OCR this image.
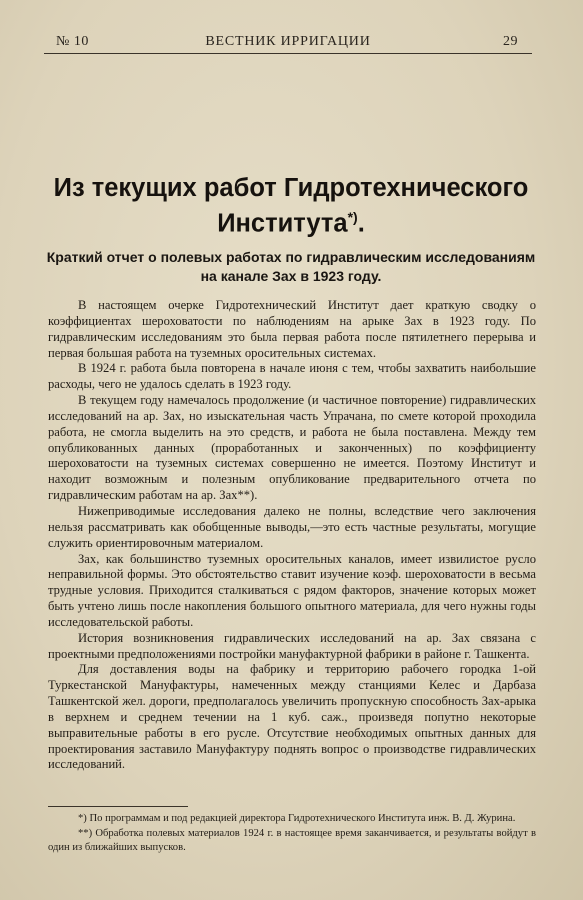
№ 10	ВЕСТНИК ИРРИГАЦИИ	29
Из текущих работ Гидротехнического Института*).
Краткий отчет о полевых работах по гидравлическим исследованиям на канале Зах в 1923 году.

В настоящем очерке Гидротехнический Институт дает краткую сводку о коэффициентах шероховатости по наблюдениям на арыке Зах в 1923 году. По гидравлическим исследованиям это была первая работа после пятилетнего перерыва и первая большая работа на туземных оросительных системах.

В 1924 г. работа была повторена в начале июня с тем, чтобы захватить наибольшие расходы, чего не удалось сделать в 1923 году.

В текущем году намечалось продолжение (и частичное повторение) гидравлических исследований на ар. Зах, но изыскательная часть Упрачана, по смете которой проходила работа, не смогла выделить на это средств, и работа не была поставлена. Между тем опубликованных данных (проработанных и законченных) по коэффициенту шероховатости на туземных системах совершенно не имеется. Поэтому Институт и находит возможным и полезным опубликование предварительного отчета по гидравлическим работам на ар. Зах**).

Нижеприводимые исследования далеко не полны, вследствие чего заключения нельзя рассматривать как обобщенные выводы,—это есть частные результаты, могущие служить ориентировочным материалом.

Зах, как большинство туземных оросительных каналов, имеет извилистое русло неправильной формы. Это обстоятельство ставит изучение коэф. шероховатости в весьма трудные условия. Приходится сталкиваться с рядом факторов, значение которых может быть учтено лишь после накопления большого опытного материала, для чего нужны годы исследовательской работы.

История возникновения гидравлических исследований на ар. Зах связана с проектными предположениями постройки мануфактурной фабрики в районе г. Ташкента.

Для доставления воды на фабрику и территорию рабочего городка 1-ой Туркестанской Мануфактуры, намеченных между станциями Келес и Дарбаза Ташкентской жел. дороги, предполагалось увеличить пропускную способность Зах-арыка в верхнем и среднем течении на 1 куб. саж., произведя попутно некоторые выправительные работы в его русле. Отсутствие необходимых опытных данных для проектирования заставило Мануфактуру поднять вопрос о производстве гидравлических исследований.

*) По программам и под редакцией директора Гидротехнического Института инж. В. Д. Журина.

**) Обработка полевых материалов 1924 г. в настоящее время заканчивается, и результаты войдут в один из ближайших выпусков.
